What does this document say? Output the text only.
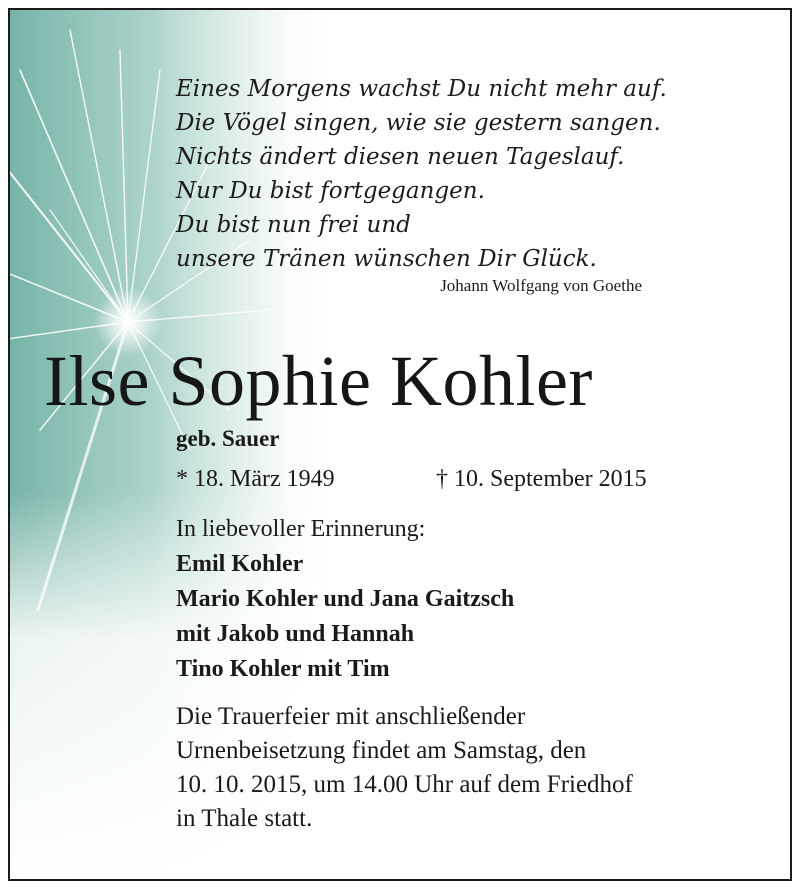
Eines Morgens wachst Du nicht mehr auf.
Die Vögel singen, wie sie gestern sangen.
Nichts ändert diesen neuen Tageslauf.
Nur Du bist fortgegangen.
Du bist nun frei und
unsere Tränen wünschen Dir Glück.
Johann Wolfgang von Goethe
Ilse Sophie Kohler
geb. Sauer
* 18. März 1949	† 10. September 2015
In liebevoller Erinnerung:
Emil Kohler
Mario Kohler und Jana Gaitzsch
mit Jakob und Hannah
Tino Kohler mit Tim
Die Trauerfeier mit anschließender
Urnenbeisetzung findet am Samstag, den
10. 10. 2015, um 14.00 Uhr auf dem Friedhof
in Thale statt.
